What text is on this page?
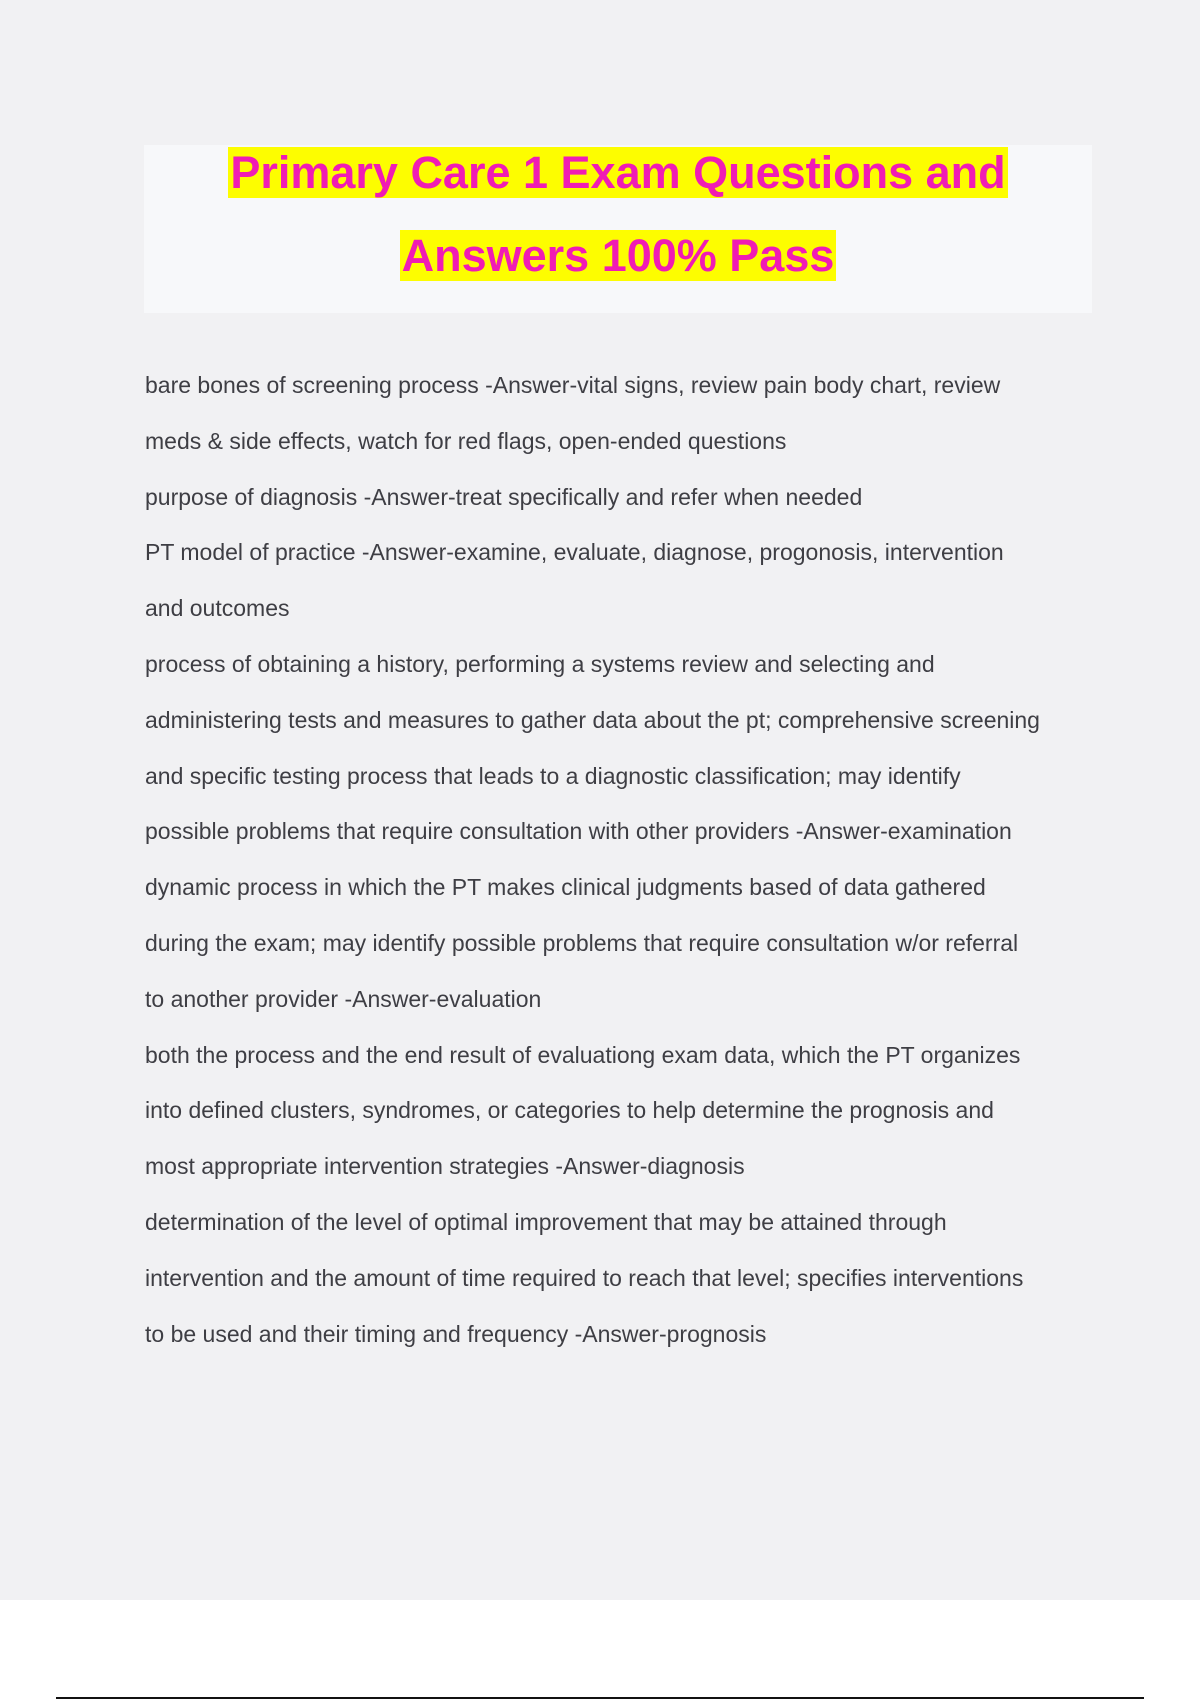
Primary Care 1 Exam Questions and
Answers 100% Pass
bare bones of screening process -Answer-vital signs, review pain body chart, review
meds & side effects, watch for red flags, open-ended questions
purpose of diagnosis -Answer-treat specifically and refer when needed
PT model of practice -Answer-examine, evaluate, diagnose, progonosis, intervention
and outcomes
process of obtaining a history, performing a systems review and selecting and
administering tests and measures to gather data about the pt; comprehensive screening
and specific testing process that leads to a diagnostic classification; may identify
possible problems that require consultation with other providers -Answer-examination
dynamic process in which the PT makes clinical judgments based of data gathered
during the exam; may identify possible problems that require consultation w/or referral
to another provider -Answer-evaluation
both the process and the end result of evaluationg exam data, which the PT organizes
into defined clusters, syndromes, or categories to help determine the prognosis and
most appropriate intervention strategies -Answer-diagnosis
determination of the level of optimal improvement that may be attained through
intervention and the amount of time required to reach that level; specifies interventions
to be used and their timing and frequency -Answer-prognosis
